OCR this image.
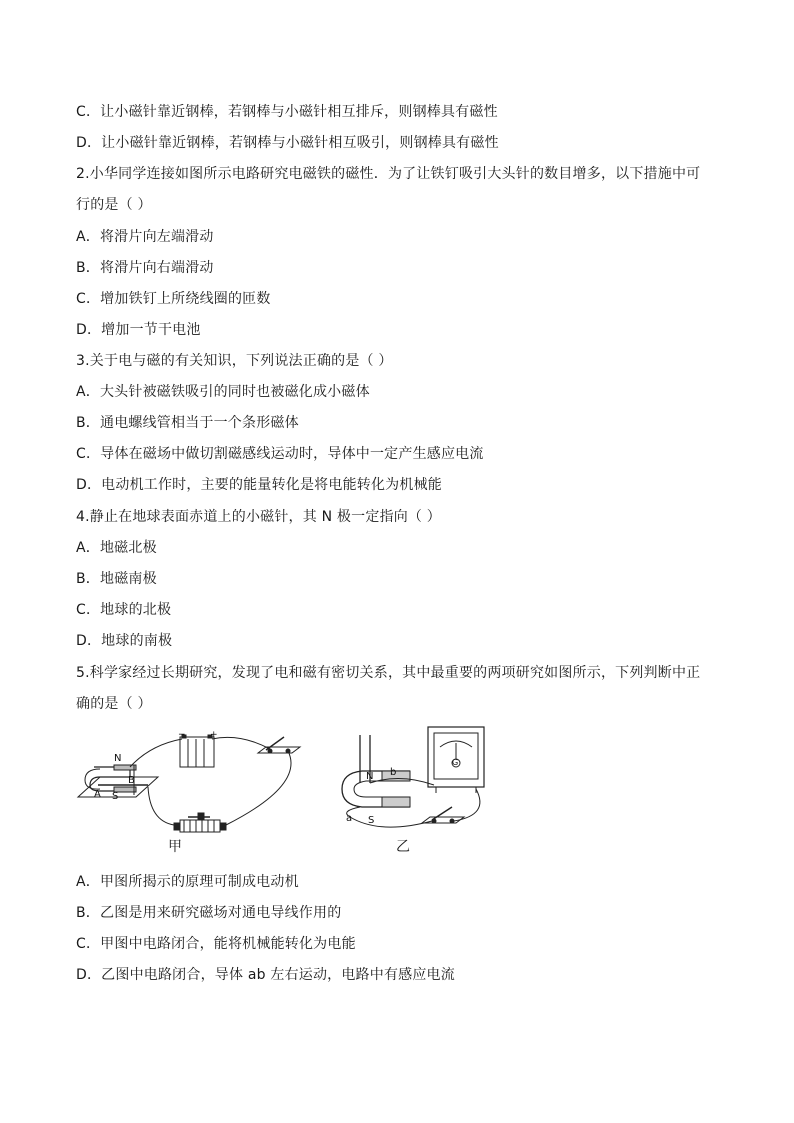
C．让小磁针靠近钢棒，若钢棒与小磁针相互排斥，则钢棒具有磁性
D．让小磁针靠近钢棒，若钢棒与小磁针相互吸引，则钢棒具有磁性
2.小华同学连接如图所示电路研究电磁铁的磁性．为了让铁钉吸引大头针的数目增多，以下措施中可
行的是（ ）
A．将滑片向左端滑动
B．将滑片向右端滑动
C．增加铁钉上所绕线圈的匝数
D．增加一节干电池
3.关于电与磁的有关知识，下列说法正确的是（ ）
A．大头针被磁铁吸引的同时也被磁化成小磁体
B．通电螺线管相当于一个条形磁体
C．导体在磁场中做切割磁感线运动时，导体中一定产生感应电流
D．电动机工作时，主要的能量转化是将电能转化为机械能
4.静止在地球表面赤道上的小磁针，其 N 极一定指向（ ）
A．地磁北极
B．地磁南极
C．地球的北极
D．地球的南极
5.科学家经过长期研究，发现了电和磁有密切关系，其中最重要的两项研究如图所示，下列判断中正
确的是（ ）
N
B
A S
−	+
N b
a S
G
甲	乙
A．甲图所揭示的原理可制成电动机
B．乙图是用来研究磁场对通电导线作用的
C．甲图中电路闭合，能将机械能转化为电能
D．乙图中电路闭合，导体 ab 左右运动，电路中有感应电流
